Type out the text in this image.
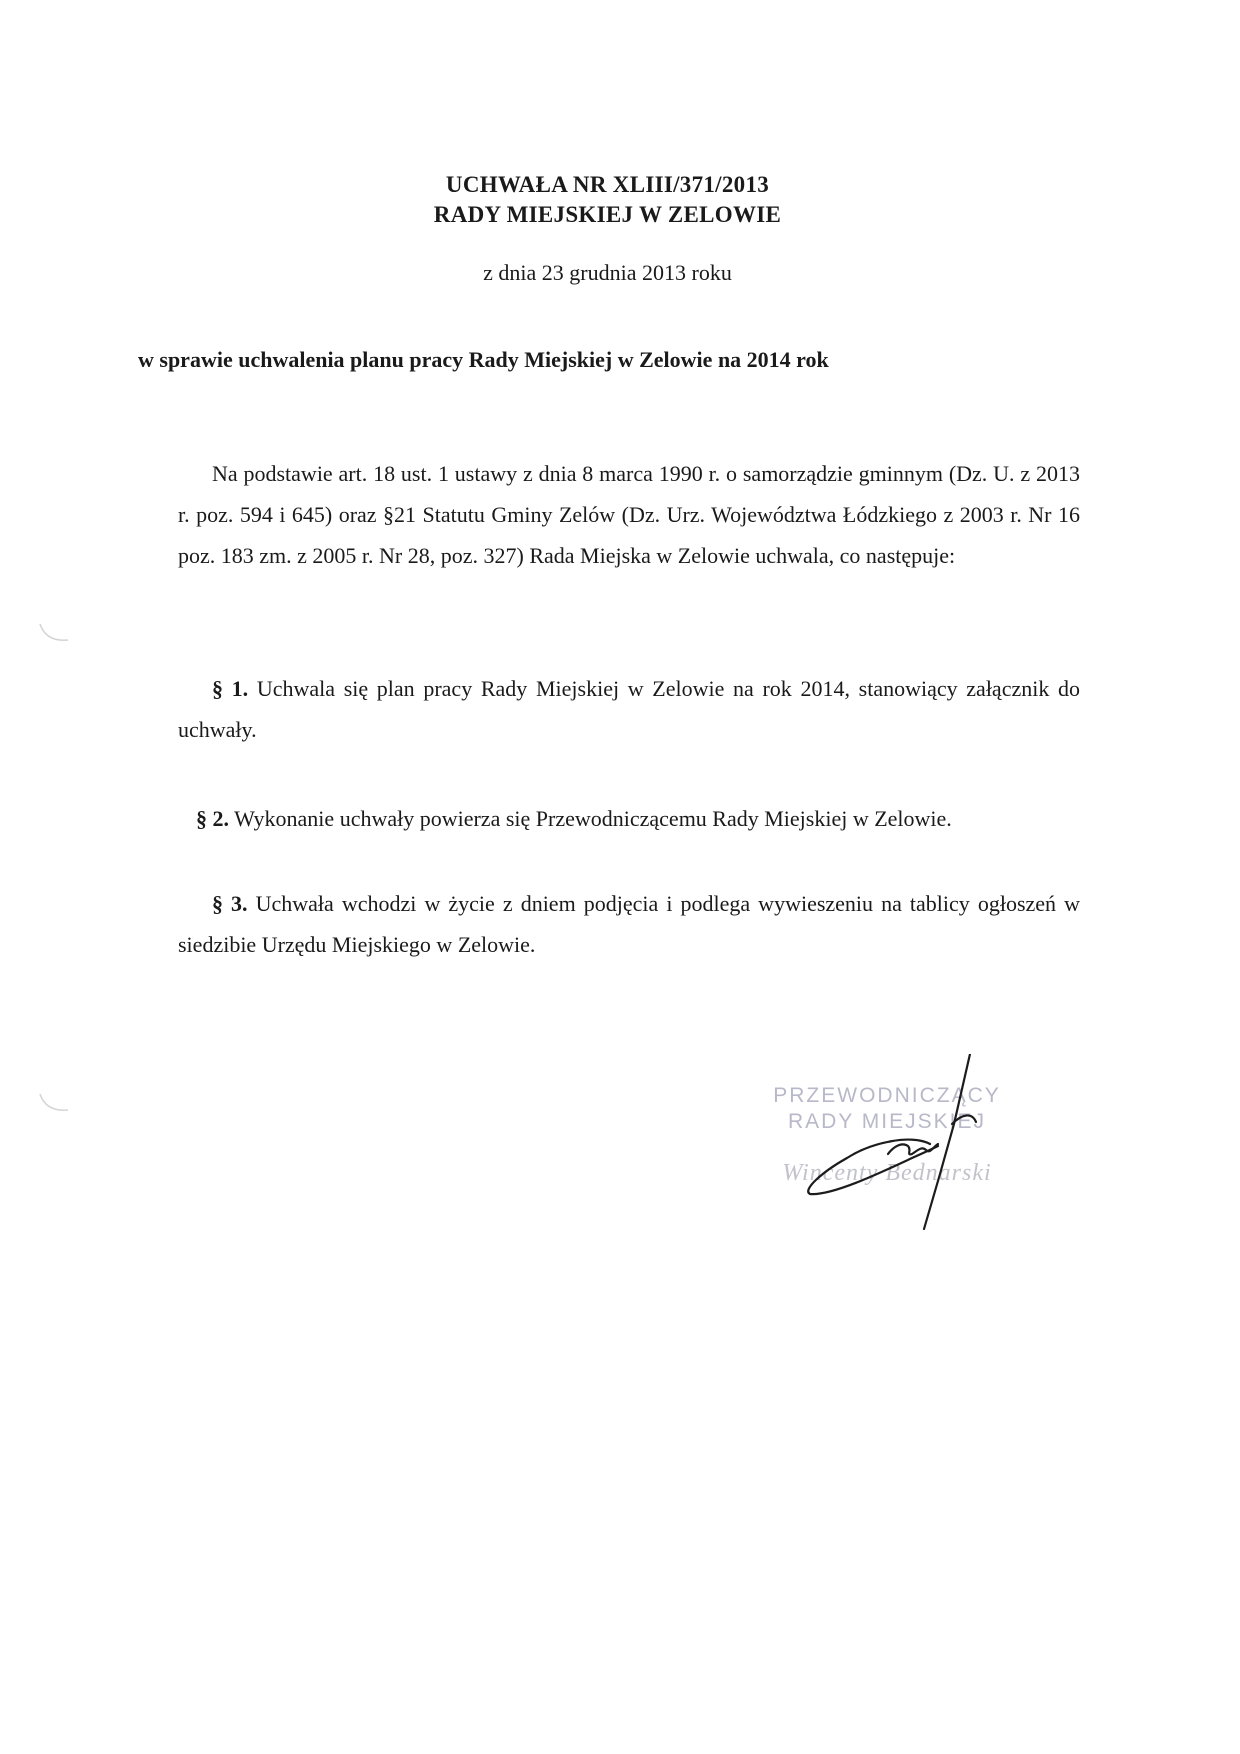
UCHWAŁA NR XLIII/371/2013
RADY MIEJSKIEJ W ZELOWIE
z dnia 23 grudnia 2013 roku
w sprawie uchwalenia planu pracy Rady Miejskiej w Zelowie na 2014 rok

Na podstawie art. 18 ust. 1 ustawy z dnia 8 marca 1990 r. o samorządzie gminnym (Dz. U. z 2013 r. poz. 594 i 645) oraz §21 Statutu Gminy Zelów (Dz. Urz. Województwa Łódzkiego z 2003 r. Nr 16 poz. 183 zm. z 2005 r. Nr 28, poz. 327) Rada Miejska w Zelowie uchwala, co następuje:

§ 1. Uchwala się plan pracy Rady Miejskiej w Zelowie na rok 2014, stanowiący załącznik do uchwały.

§ 2. Wykonanie uchwały powierza się Przewodniczącemu Rady Miejskiej w Zelowie.

§ 3. Uchwała wchodzi w życie z dniem podjęcia i podlega wywieszeniu na tablicy ogłoszeń w siedzibie Urzędu Miejskiego w Zelowie.

PRZEWODNICZĄCY
RADY MIEJSKIEJ
Wincenty Bednarski
